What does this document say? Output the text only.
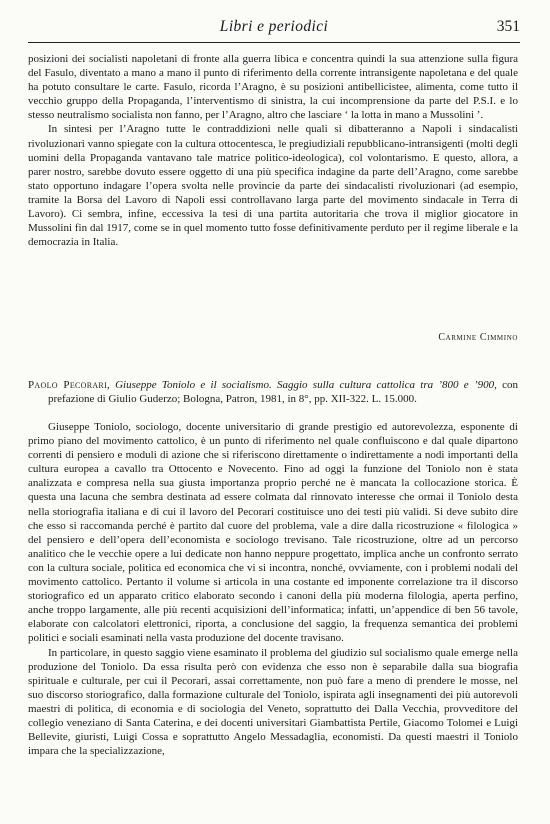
Libri e periodici	351

posizioni dei socialisti napoletani di fronte alla guerra libica e concentra quindi la sua attenzione sulla figura del Fasulo, diventato a mano a mano il punto di riferimento della corrente intransigente napoletana e del quale ha potuto consultare le carte. Fasulo, ricorda l’Aragno, è su posizioni antibellicistee, alimenta, come tutto il vecchio gruppo della Propaganda, l’interventismo di sinistra, la cui incomprensione da parte del P.S.I. e lo stesso neutralismo socialista non fanno, per l’Aragno, altro che lasciare ‘ la lotta in mano a Mussolini ’.

In sintesi per l’Aragno tutte le contraddizioni nelle quali si dibatteranno a Napoli i sindacalisti rivoluzionari vanno spiegate con la cultura ottocentesca, le pregiudiziali repubblicano-intransigenti (molti degli uomini della Propaganda vantavano tale matrice politico-ideologica), col volontarismo. E questo, allora, a parer nostro, sarebbe dovuto essere oggetto di una più specifica indagine da parte dell’Aragno, come sarebbe stato opportuno indagare l’opera svolta nelle provincie da parte dei sindacalisti rivoluzionari (ad esempio, tramite la Borsa del Lavoro di Napoli essi controllavano larga parte del movimento sindacale in Terra di Lavoro). Ci sembra, infine, eccessiva la tesi di una partita autoritaria che trova il miglior giocatore in Mussolini fin dal 1917, come se in quel momento tutto fosse definitivamente perduto per il regime liberale e la democrazia in Italia.

Carmine Cimmino
Paolo Pecorari, Giuseppe Toniolo e il socialismo. Saggio sulla cultura cattolica tra ’800 e ’900, con prefazione di Giulio Guderzo; Bologna, Patron, 1981, in 8°, pp. XII-322. L. 15.000.

Giuseppe Toniolo, sociologo, docente universitario di grande prestigio ed autorevolezza, esponente di primo piano del movimento cattolico, è un punto di riferimento nel quale confluiscono e dal quale dipartono correnti di pensiero e moduli di azione che si riferiscono direttamente o indirettamente a nodi importanti della cultura europea a cavallo tra Ottocento e Novecento. Fino ad oggi la funzione del Toniolo non è stata analizzata e compresa nella sua giusta importanza proprio perché ne è mancata la collocazione storica. È questa una lacuna che sembra destinata ad essere colmata dal rinnovato interesse che ormai il Toniolo desta nella storiografia italiana e di cui il lavoro del Pecorari costituisce uno dei testi più validi. Si deve subito dire che esso si raccomanda perché è partito dal cuore del problema, vale a dire dalla ricostruzione « filologica » del pensiero e dell’opera dell’economista e sociologo trevisano. Tale ricostruzione, oltre ad un percorso analitico che le vecchie opere a lui dedicate non hanno neppure progettato, implica anche un confronto serrato con la cultura sociale, politica ed economica che vi si incontra, nonché, ovviamente, con i problemi nodali del movimento cattolico. Pertanto il volume si articola in una costante ed imponente correlazione tra il discorso storiografico ed un apparato critico elaborato secondo i canoni della più moderna filologia, aperta perfino, anche troppo largamente, alle più recenti acquisizioni dell’informatica; infatti, un’appendice di ben 56 tavole, elaborate con calcolatori elettronici, riporta, a conclusione del saggio, la frequenza semantica dei problemi politici e sociali esaminati nella vasta produzione del docente travisano.

In particolare, in questo saggio viene esaminato il problema del giudizio sul socialismo quale emerge nella produzione del Toniolo. Da essa risulta però con evidenza che esso non è separabile dalla sua biografia spirituale e culturale, per cui il Pecorari, assai correttamente, non può fare a meno di prendere le mosse, nel suo discorso storiografico, dalla formazione culturale del Toniolo, ispirata agli insegnamenti dei più autorevoli maestri di politica, di economia e di sociologia del Veneto, soprattutto dei Dalla Vecchia, provveditore del collegio veneziano di Santa Caterina, e dei docenti universitari Giambattista Pertile, Giacomo Tolomei e Luigi Bellevite, giuristi, Luigi Cossa e soprattutto Angelo Messadaglia, economisti. Da questi maestri il Toniolo impara che la specializzazione,
